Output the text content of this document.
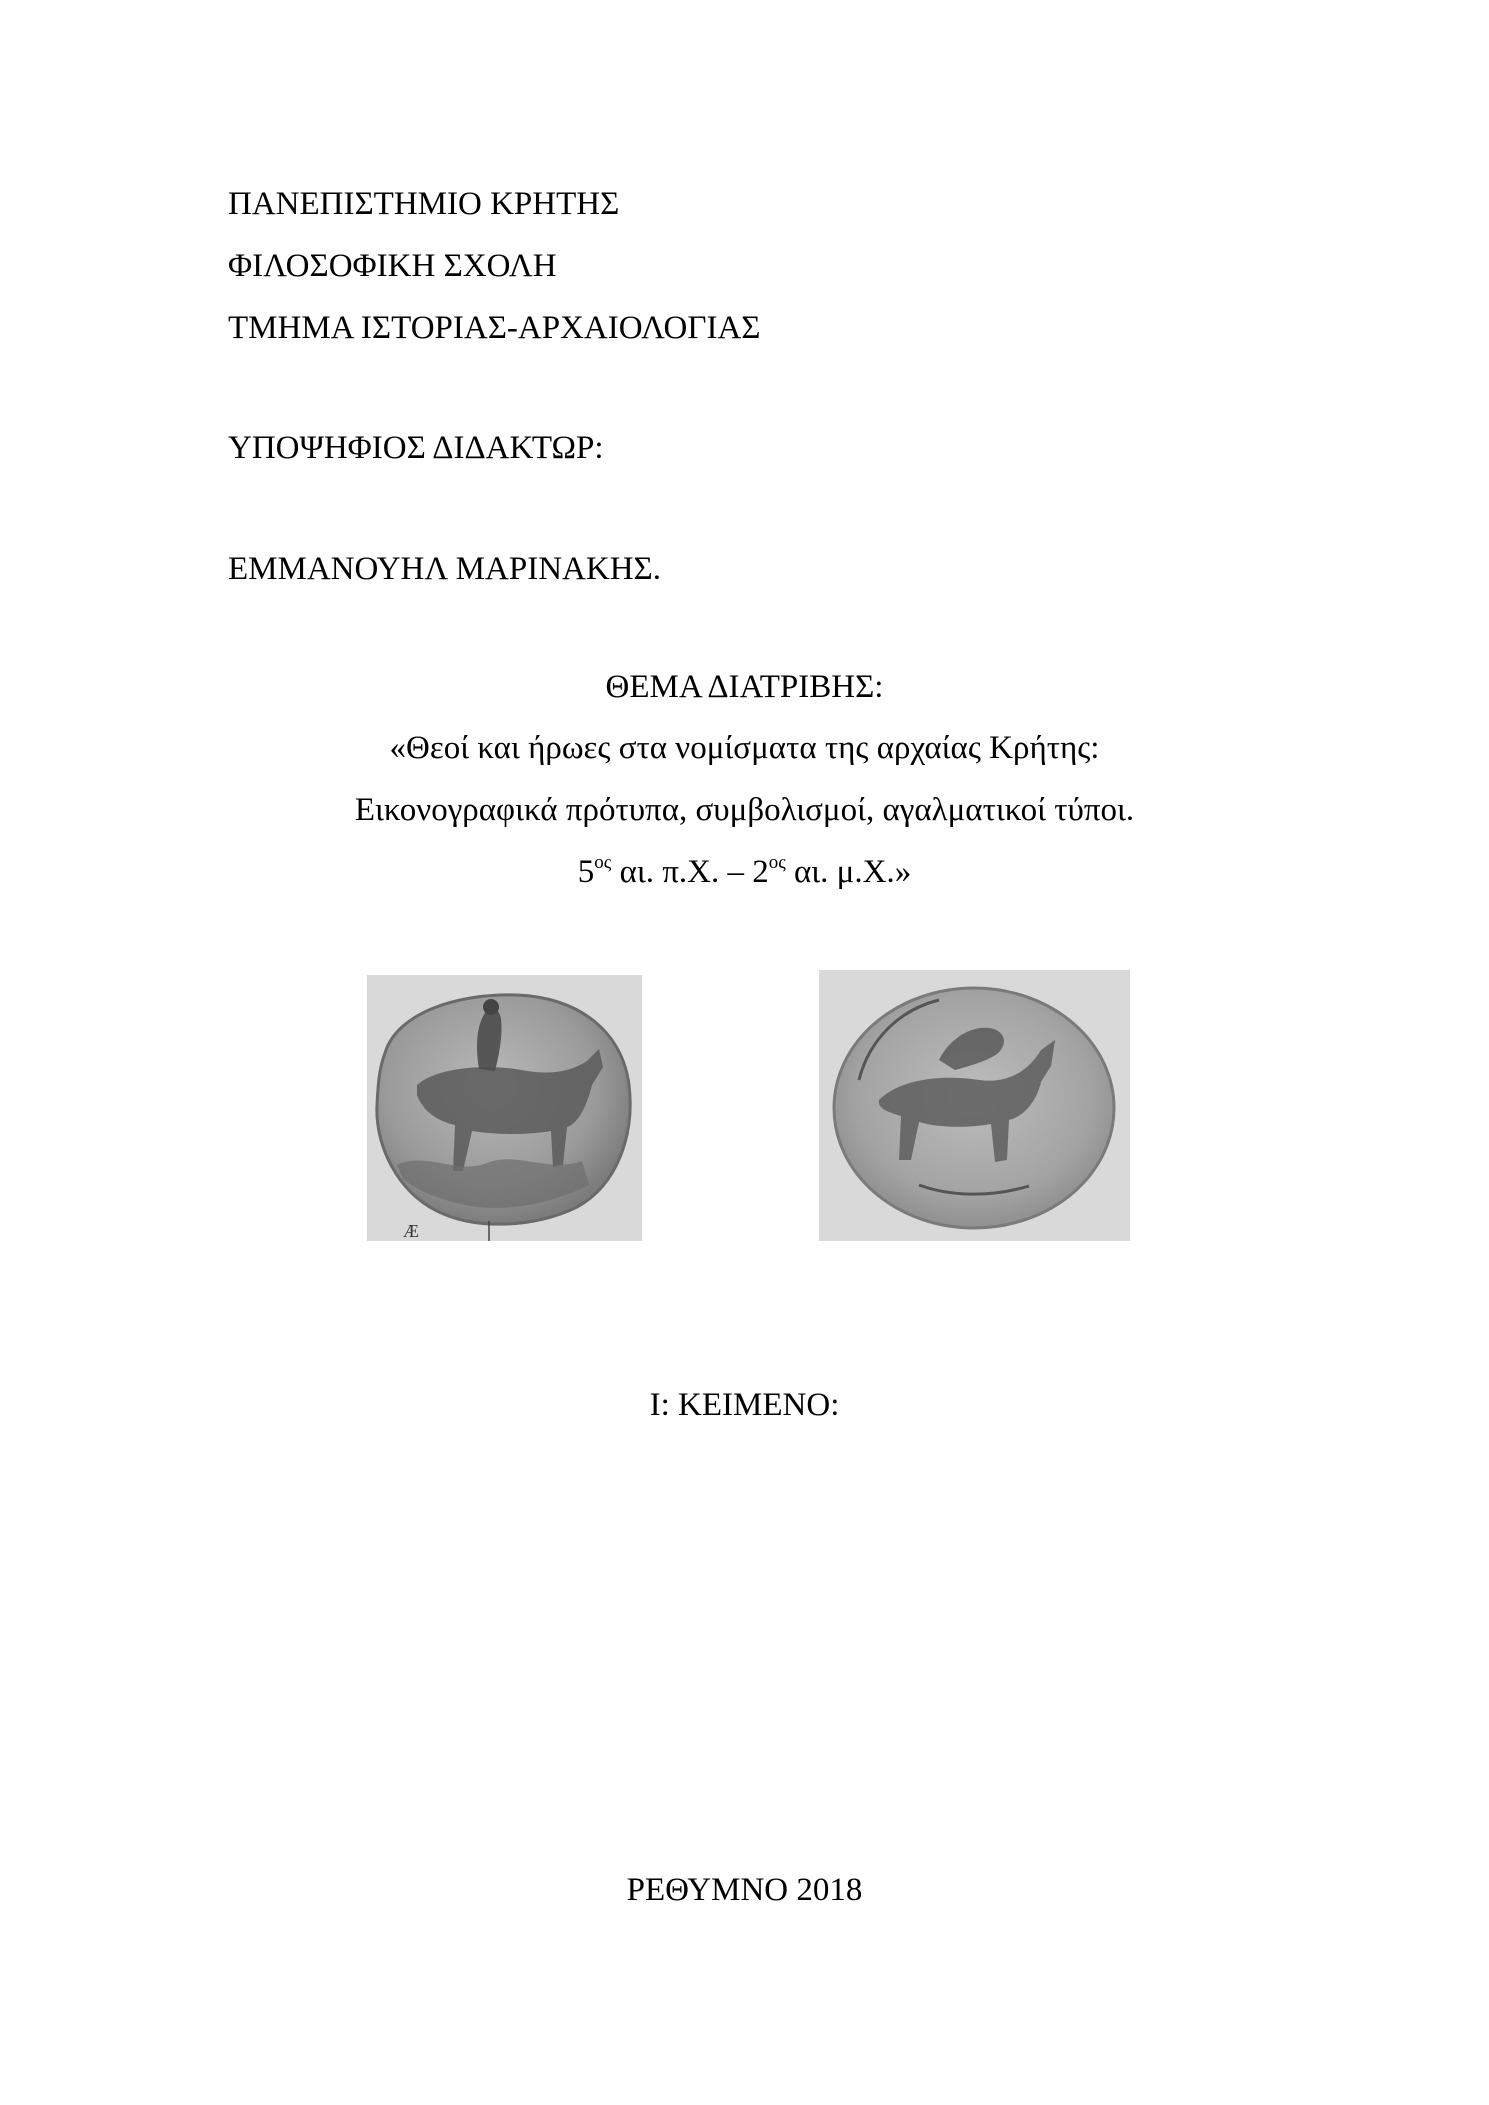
ΠΑΝΕΠΙΣΤΗΜΙΟ ΚΡΗΤΗΣ
ΦΙΛΟΣΟΦΙΚΗ ΣΧΟΛΗ
ΤΜΗΜΑ ΙΣΤΟΡΙΑΣ-ΑΡΧΑΙΟΛΟΓΙΑΣ
ΥΠΟΨΗΦΙΟΣ ΔΙΔΑΚΤΩΡ:
ΕΜΜΑΝΟΥΗΛ ΜΑΡΙΝΑΚΗΣ.
ΘΕΜΑ ΔΙΑΤΡΙΒΗΣ:
«Θεοί και ήρωες στα νομίσματα της αρχαίας Κρήτης:
Εικονογραφικά πρότυπα, συμβολισμοί, αγαλματικοί τύποι.
$5^{o\varsigma}$ αι. π.Χ. – $2^{o\varsigma}$ αι. μ.Χ.»
Æ
Ι: ΚΕΙΜΕΝΟ:
ΡΕΘΥΜΝΟ 2018
